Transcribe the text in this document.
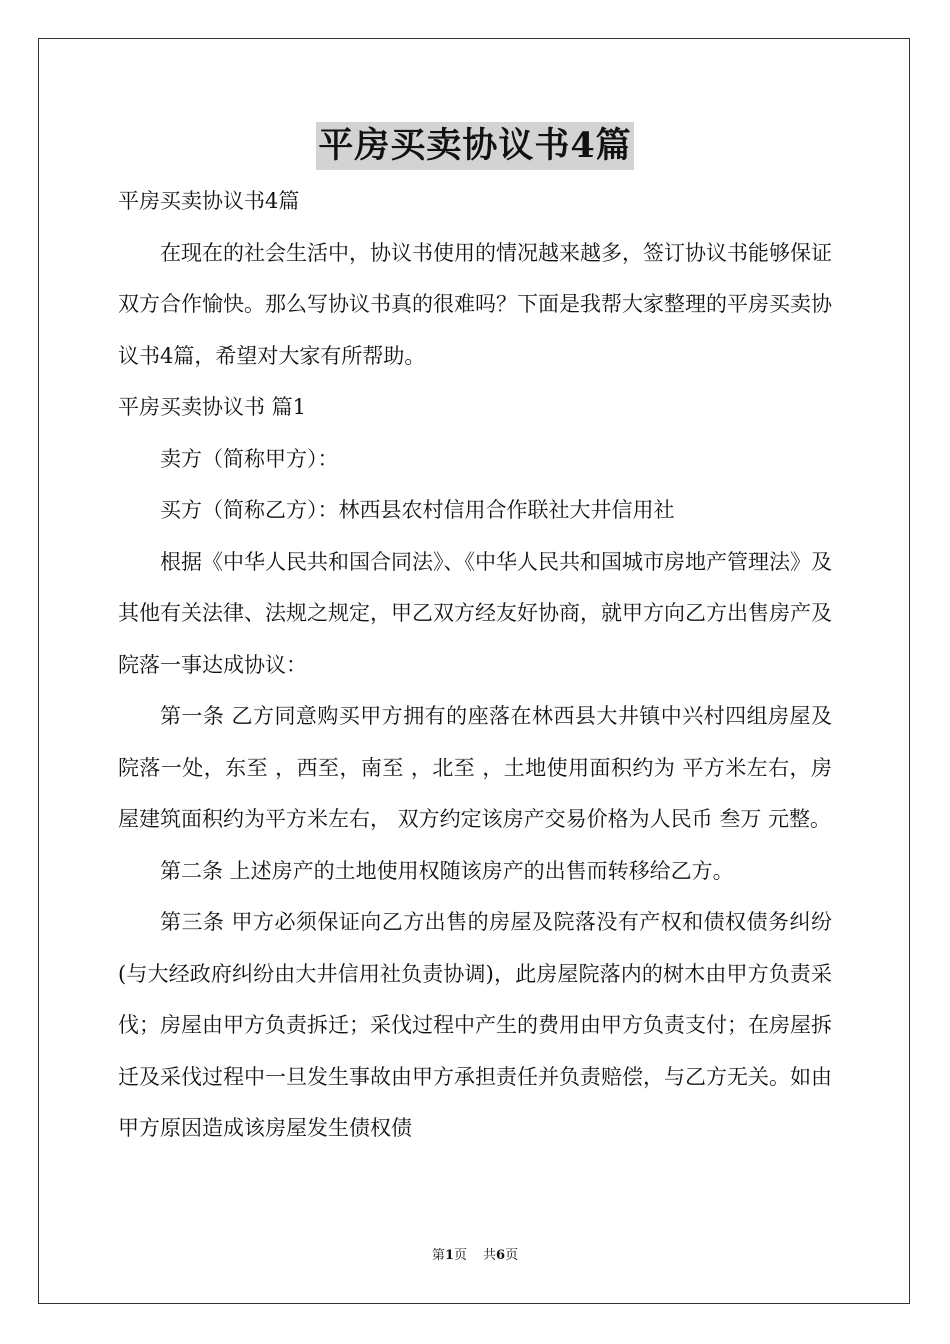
平房买卖协议书4篇

平房买卖协议书4篇

在现在的社会生活中，协议书使用的情况越来越多，签订协议书能够保证双方合作愉快。那么写协议书真的很难吗？下面是我帮大家整理的平房买卖协议书4篇，希望对大家有所帮助。

平房买卖协议书 篇1

卖方（简称甲方）：

买方（简称乙方）：林西县农村信用合作联社大井信用社

根据《中华人民共和国合同法》、《中华人民共和国城市房地产管理法》及其他有关法律、法规之规定，甲乙双方经友好协商，就甲方向乙方出售房产及院落一事达成协议：

第一条 乙方同意购买甲方拥有的座落在林西县大井镇中兴村四组房屋及院落一处，东至 ，西至，南至 ，北至 ，土地使用面积约为 平方米左右，房屋建筑面积约为平方米左右， 双方约定该房产交易价格为人民币 叁万 元整。

第二条 上述房产的土地使用权随该房产的出售而转移给乙方。

第三条 甲方必须保证向乙方出售的房屋及院落没有产权和债权债务纠纷(与大经政府纠纷由大井信用社负责协调)，此房屋院落内的树木由甲方负责采伐；房屋由甲方负责拆迁；采伐过程中产生的费用由甲方负责支付；在房屋拆迁及采伐过程中一旦发生事故由甲方承担责任并负责赔偿，与乙方无关。如由甲方原因造成该房屋发生债权债

第1页 共6页
